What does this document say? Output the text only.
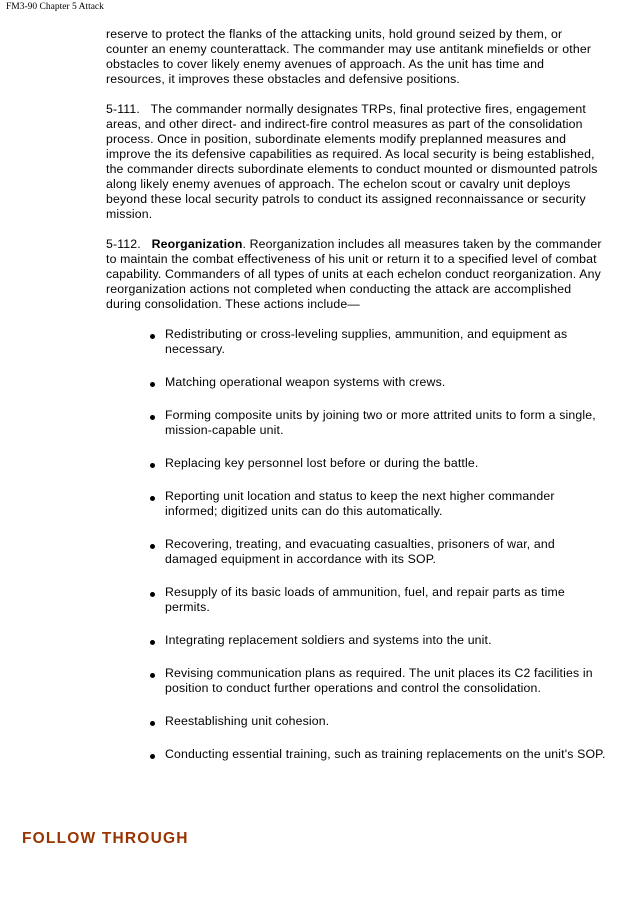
FM3-90 Chapter 5 Attack

reserve to protect the flanks of the attacking units, hold ground seized by them, or counter an enemy counterattack. The commander may use antitank minefields or other obstacles to cover likely enemy avenues of approach. As the unit has time and resources, it improves these obstacles and defensive positions.

5-111. The commander normally designates TRPs, final protective fires, engagement areas, and other direct- and indirect-fire control measures as part of the consolidation process. Once in position, subordinate elements modify preplanned measures and improve the its defensive capabilities as required. As local security is being established, the commander directs subordinate elements to conduct mounted or dismounted patrols along likely enemy avenues of approach. The echelon scout or cavalry unit deploys beyond these local security patrols to conduct its assigned reconnaissance or security mission.

5-112. Reorganization. Reorganization includes all measures taken by the commander to maintain the combat effectiveness of his unit or return it to a specified level of combat capability. Commanders of all types of units at each echelon conduct reorganization. Any reorganization actions not completed when conducting the attack are accomplished during consolidation. These actions include—

Redistributing or cross-leveling supplies, ammunition, and equipment as necessary.
Matching operational weapon systems with crews.
Forming composite units by joining two or more attrited units to form a single, mission-capable unit.
Replacing key personnel lost before or during the battle.
Reporting unit location and status to keep the next higher commander informed; digitized units can do this automatically.
Recovering, treating, and evacuating casualties, prisoners of war, and damaged equipment in accordance with its SOP.
Resupply of its basic loads of ammunition, fuel, and repair parts as time permits.
Integrating replacement soldiers and systems into the unit.
Revising communication plans as required. The unit places its C2 facilities in position to conduct further operations and control the consolidation.
Reestablishing unit cohesion.
Conducting essential training, such as training replacements on the unit's SOP.
FOLLOW THROUGH
